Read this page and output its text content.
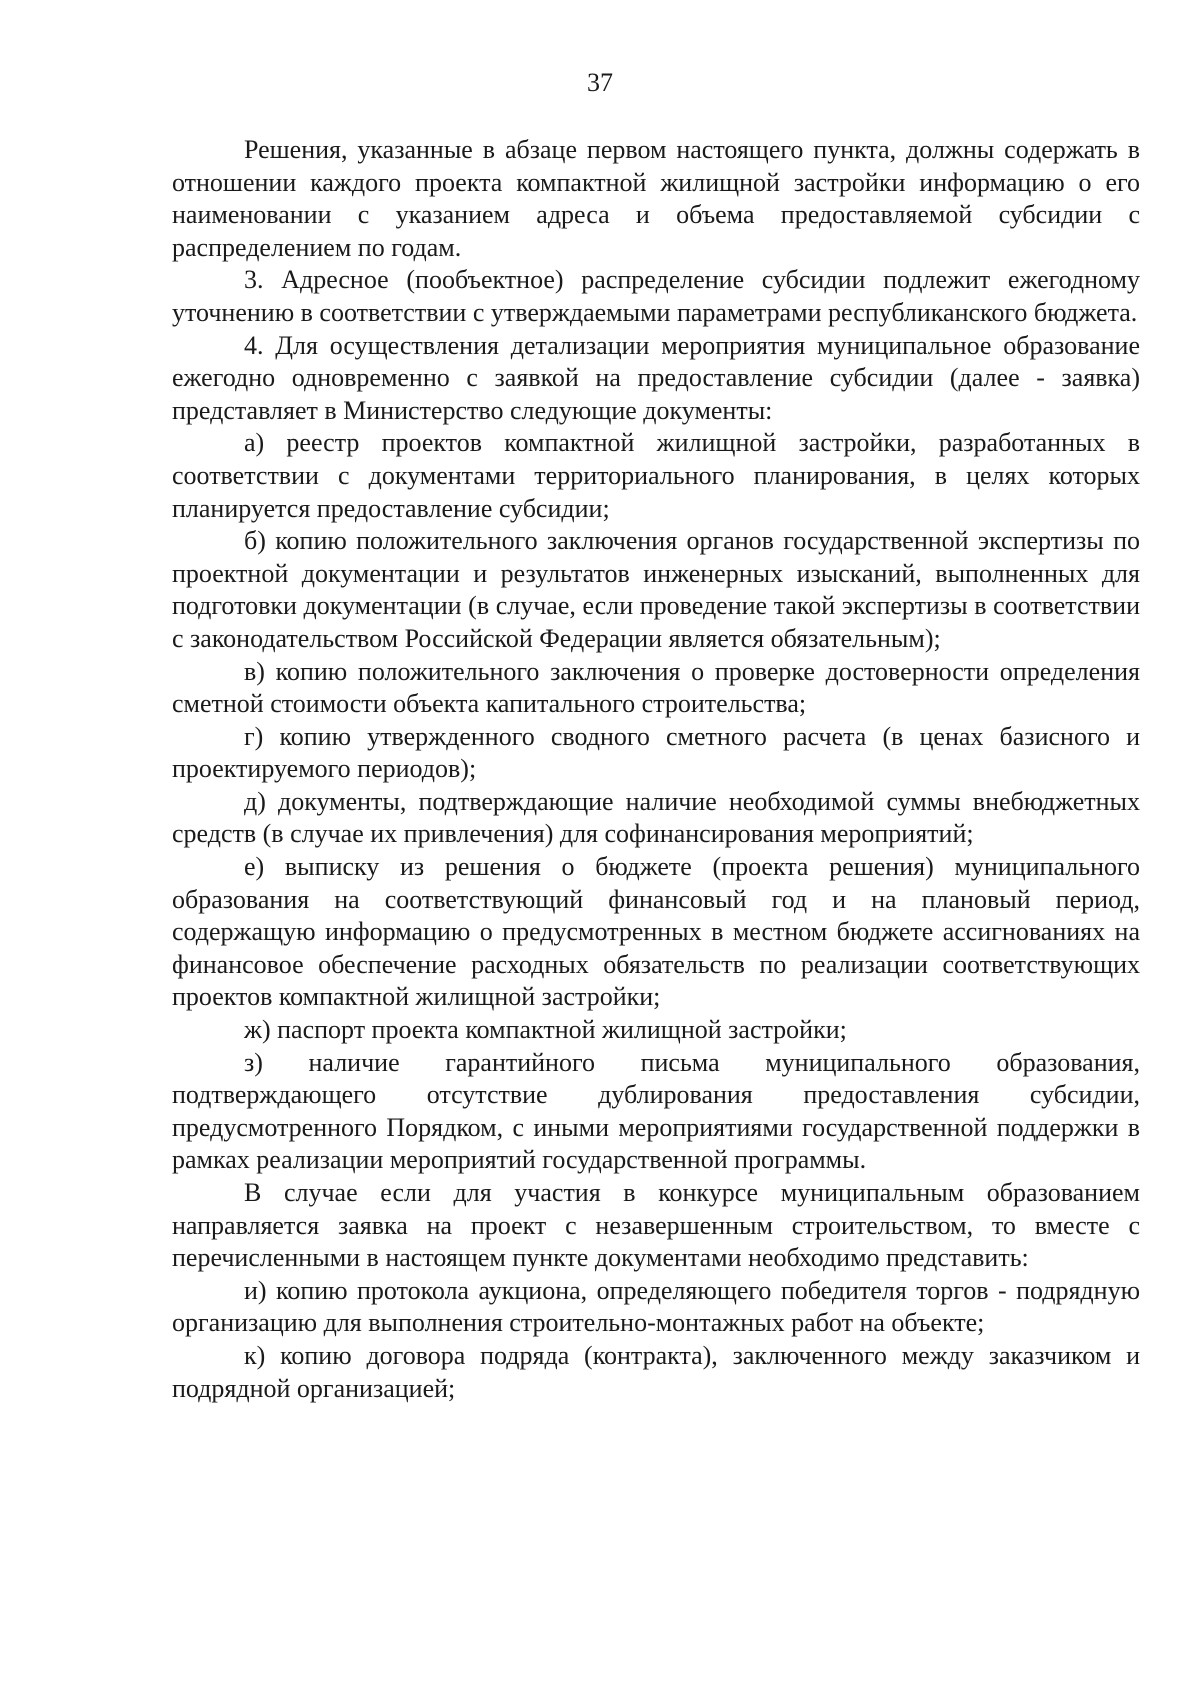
37

Решения, указанные в абзаце первом настоящего пункта, должны содержать в отношении каждого проекта компактной жилищной застройки информацию о его наименовании с указанием адреса и объема предоставляемой субсидии с распределением по годам.

3. Адресное (пообъектное) распределение субсидии подлежит ежегодному уточнению в соответствии с утверждаемыми параметрами республиканского бюджета.

4. Для осуществления детализации мероприятия муниципальное образование ежегодно одновременно с заявкой на предоставление субсидии (далее - заявка) представляет в Министерство следующие документы:

а) реестр проектов компактной жилищной застройки, разработанных в соответствии с документами территориального планирования, в целях которых планируется предоставление субсидии;

б) копию положительного заключения органов государственной экспертизы по проектной документации и результатов инженерных изысканий, выполненных для подготовки документации (в случае, если проведение такой экспертизы в соответствии с законодательством Российской Федерации является обязательным);

в) копию положительного заключения о проверке достоверности определения сметной стоимости объекта капитального строительства;

г) копию утвержденного сводного сметного расчета (в ценах базисного и проектируемого периодов);

д) документы, подтверждающие наличие необходимой суммы внебюджетных средств (в случае их привлечения) для софинансирования мероприятий;

е) выписку из решения о бюджете (проекта решения) муниципального образования на соответствующий финансовый год и на плановый период, содержащую информацию о предусмотренных в местном бюджете ассигнованиях на финансовое обеспечение расходных обязательств по реализации соответствующих проектов компактной жилищной застройки;

ж) паспорт проекта компактной жилищной застройки;

з) наличие гарантийного письма муниципального образования, подтверждающего отсутствие дублирования предоставления субсидии, предусмотренного Порядком, с иными мероприятиями государственной поддержки в рамках реализации мероприятий государственной программы.

В случае если для участия в конкурсе муниципальным образованием направляется заявка на проект с незавершенным строительством, то вместе с перечисленными в настоящем пункте документами необходимо представить:

и) копию протокола аукциона, определяющего победителя торгов - подрядную организацию для выполнения строительно-монтажных работ на объекте;

к) копию договора подряда (контракта), заключенного между заказчиком и подрядной организацией;
